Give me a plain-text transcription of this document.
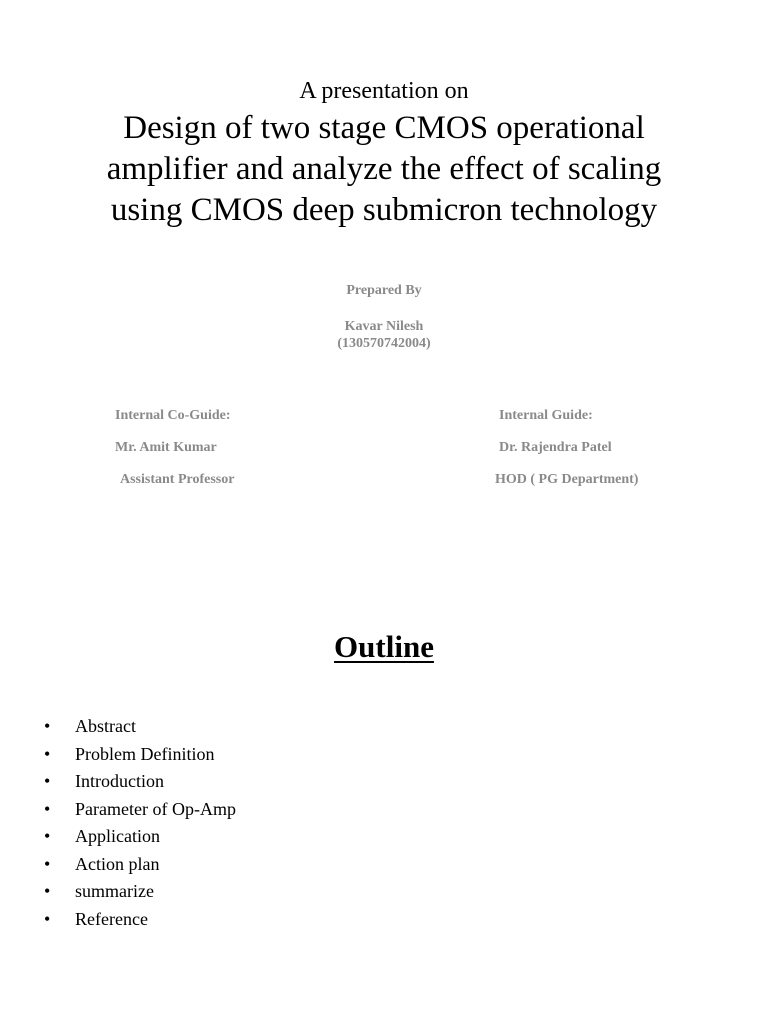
A presentation on
Design of two stage CMOS operational
amplifier and analyze the effect of scaling
using CMOS deep submicron technology
Prepared By
Kavar Nilesh
(130570742004)
Internal Co-Guide:
Mr. Amit Kumar
Assistant Professor
Internal Guide:
Dr. Rajendra Patel
HOD ( PG Department)
Outline
• Abstract
• Problem Definition
• Introduction
• Parameter of Op-Amp
• Application
• Action plan
• summarize
• Reference
